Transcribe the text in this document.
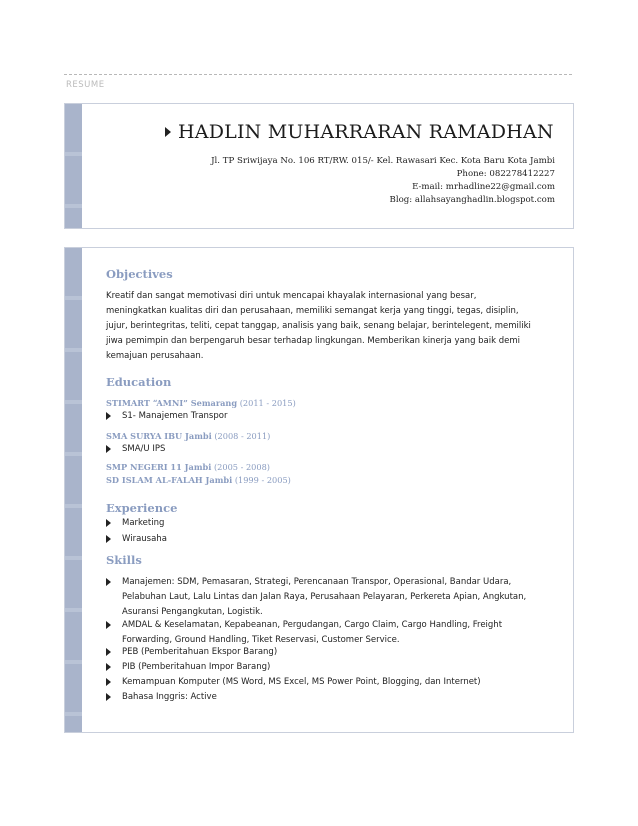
RESUME
HADLIN MUHARRARAN RAMADHAN
Jl. TP Sriwijaya No. 106 RT/RW. 015/- Kel. Rawasari Kec. Kota Baru Kota Jambi
Phone: 082278412227
E-mail: mrhadline22@gmail.com
Blog: allahsayanghadlin.blogspot.com
Objectives
Kreatif dan sangat memotivasi diri untuk mencapai khayalak internasional yang besar,
meningkatkan kualitas diri dan perusahaan, memiliki semangat kerja yang tinggi, tegas, disiplin,
jujur, berintegritas, teliti, cepat tanggap, analisis yang baik, senang belajar, berintelegent, memiliki
jiwa pemimpin dan berpengaruh besar terhadap lingkungan. Memberikan kinerja yang baik demi
kemajuan perusahaan.
Education
STIMART “AMNI” Semarang (2011 - 2015)
S1- Manajemen Transpor
SMA SURYA IBU Jambi (2008 - 2011)
SMA/U IPS
SMP NEGERI 11 Jambi (2005 - 2008)
SD ISLAM AL-FALAH Jambi (1999 - 2005)
Experience
Marketing
Wirausaha
Skills
Manajemen: SDM, Pemasaran, Strategi, Perencanaan Transpor, Operasional, Bandar Udara, Pelabuhan Laut, Lalu Lintas dan Jalan Raya, Perusahaan Pelayaran, Perkereta Apian, Angkutan, Asuransi Pengangkutan, Logistik.
AMDAL & Keselamatan, Kepabeanan, Pergudangan, Cargo Claim, Cargo Handling, Freight Forwarding, Ground Handling, Tiket Reservasi, Customer Service.
PEB (Pemberitahuan Ekspor Barang)
PIB (Pemberitahuan Impor Barang)
Kemampuan Komputer (MS Word, MS Excel, MS Power Point, Blogging, dan Internet)
Bahasa Inggris: Active
